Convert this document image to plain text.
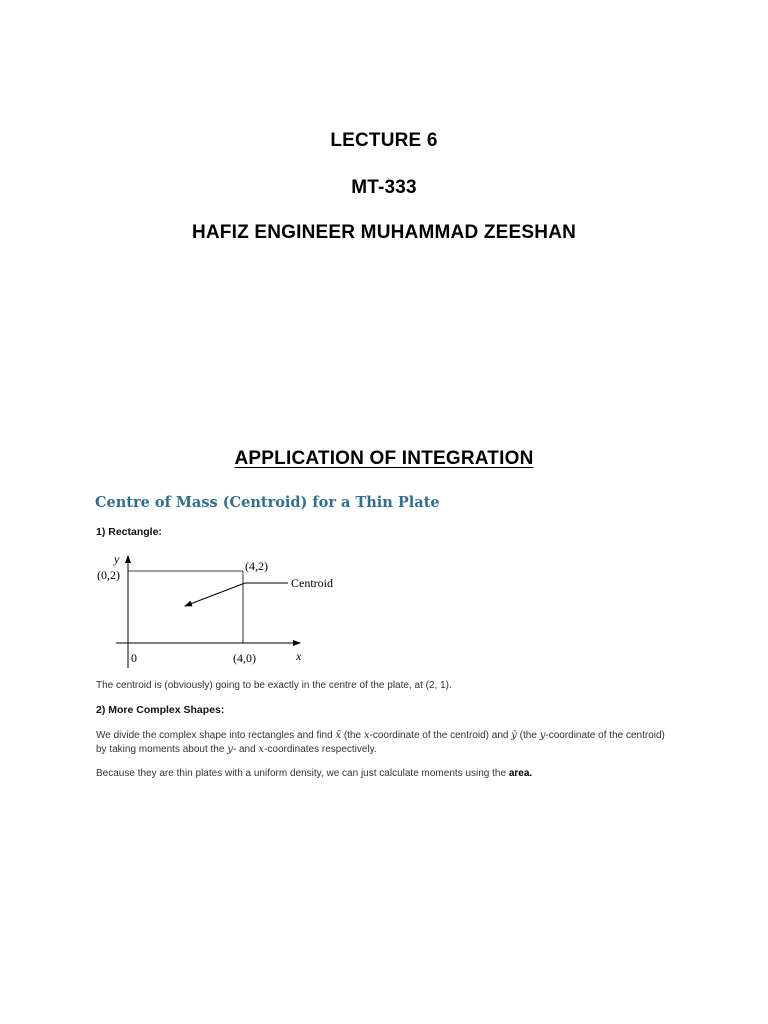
LECTURE 6
MT-333
HAFIZ ENGINEER MUHAMMAD ZEESHAN
APPLICATION OF INTEGRATION
Centre of Mass (Centroid) for a Thin Plate
1) Rectangle:
y
(0,2)
(4,2)
Centroid
0	(4,0)	x
The centroid is (obviously) going to be exactly in the centre of the plate, at (2, 1).
2) More Complex Shapes:
We divide the complex shape into rectangles and find x̄ (the x-coordinate of the centroid) and ȳ (the y-coordinate of the centroid) by taking moments about the y- and x-coordinates respectively.
Because they are thin plates with a uniform density, we can just calculate moments using the area.
